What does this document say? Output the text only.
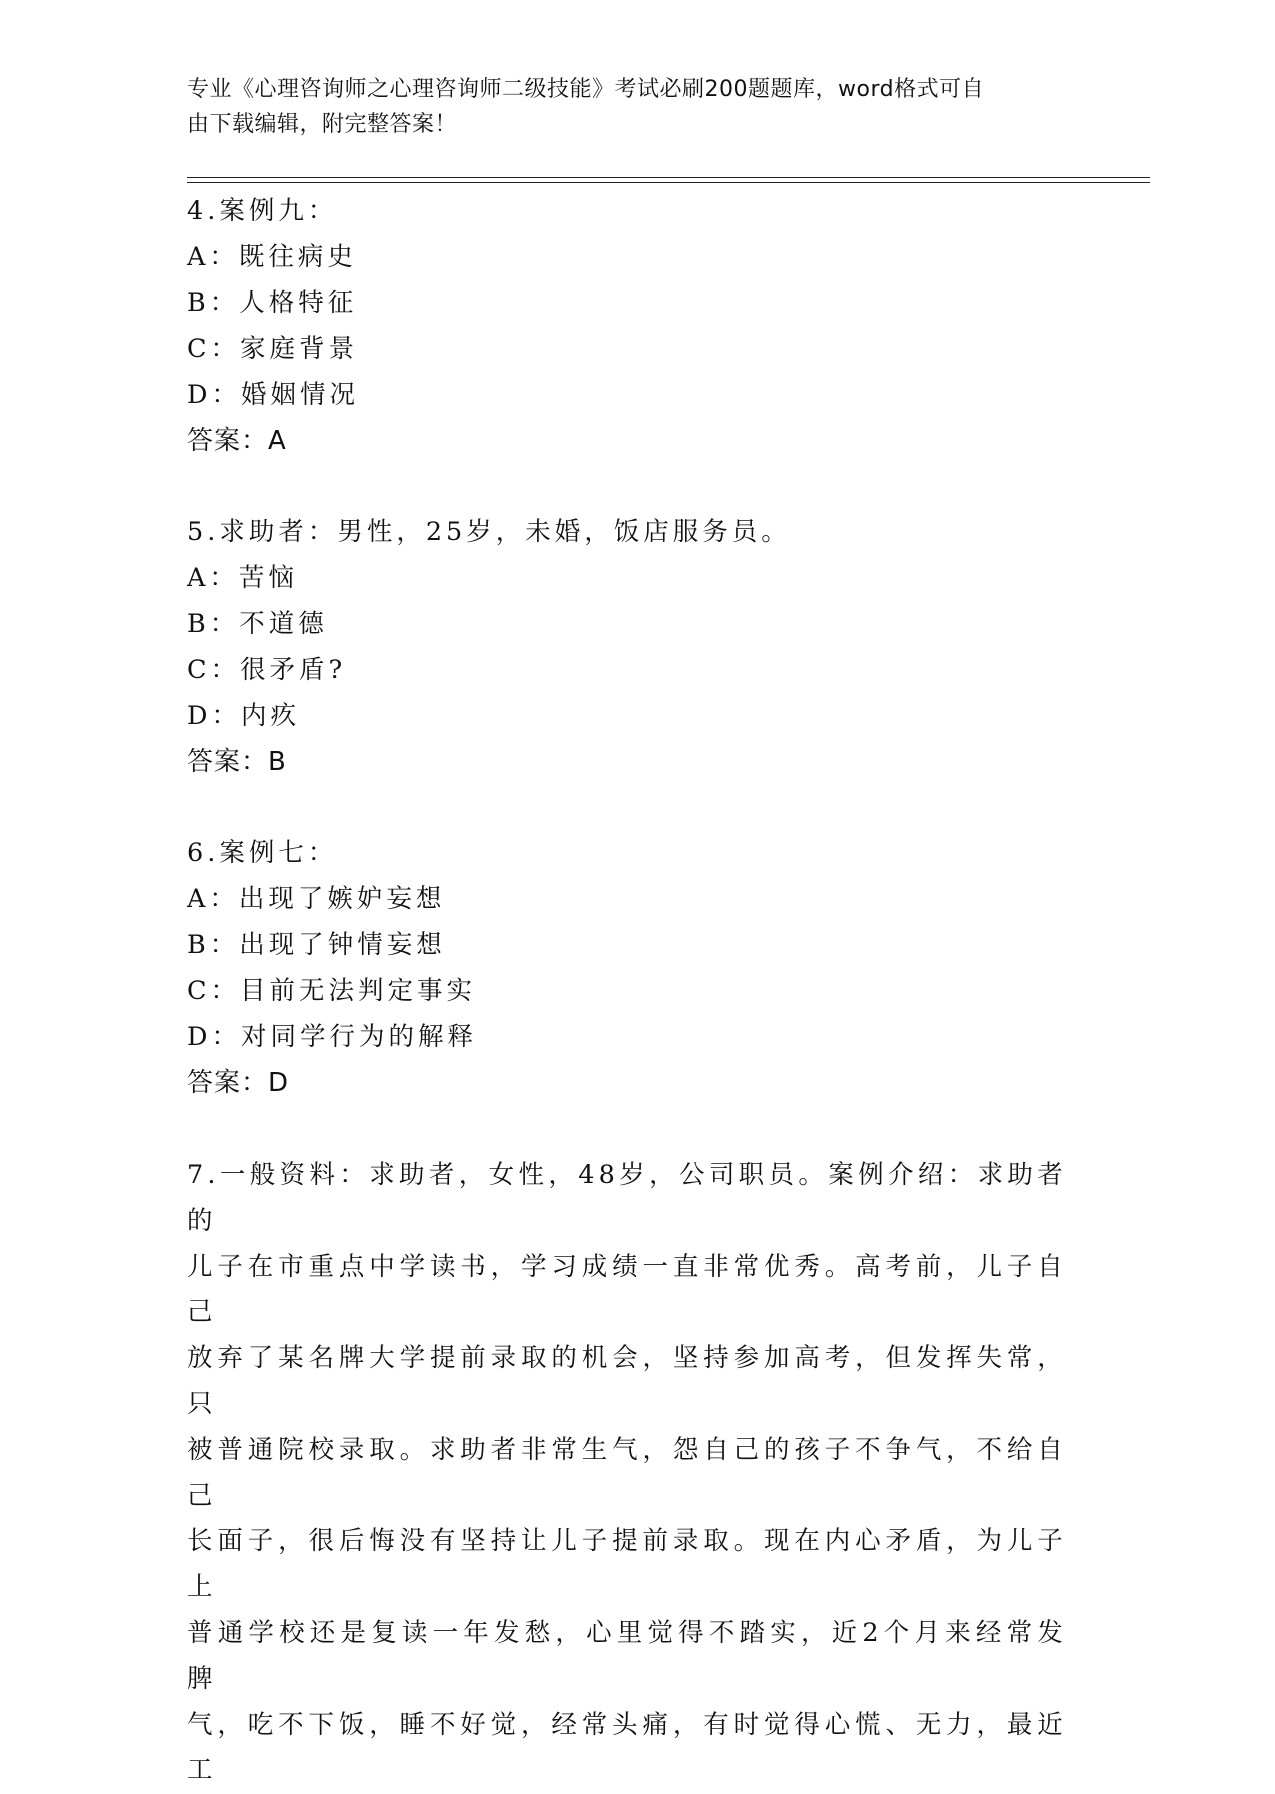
专业《心理咨询师之心理咨询师二级技能》考试必刷200题题库，word格式可自
由下载编辑，附完整答案！
4.案例九：
A：既往病史
B：人格特征
C：家庭背景
D：婚姻情况
答案：A
5.求助者：男性，25岁，未婚，饭店服务员。
A：苦恼
B：不道德
C：很矛盾?
D：内疚
答案：B
6.案例七：
A：出现了嫉妒妄想
B：出现了钟情妄想
C：目前无法判定事实
D：对同学行为的解释
答案：D
7.一般资料：求助者，女性，48岁，公司职员。案例介绍：求助者的
儿子在市重点中学读书，学习成绩一直非常优秀。高考前，儿子自己
放弃了某名牌大学提前录取的机会，坚持参加高考，但发挥失常，只
被普通院校录取。求助者非常生气，怨自己的孩子不争气，不给自己
长面子，很后悔没有坚持让儿子提前录取。现在内心矛盾，为儿子上
普通学校还是复读一年发愁，心里觉得不踏实，近2个月来经常发脾
气，吃不下饭，睡不好觉，经常头痛，有时觉得心慌、无力，最近工
